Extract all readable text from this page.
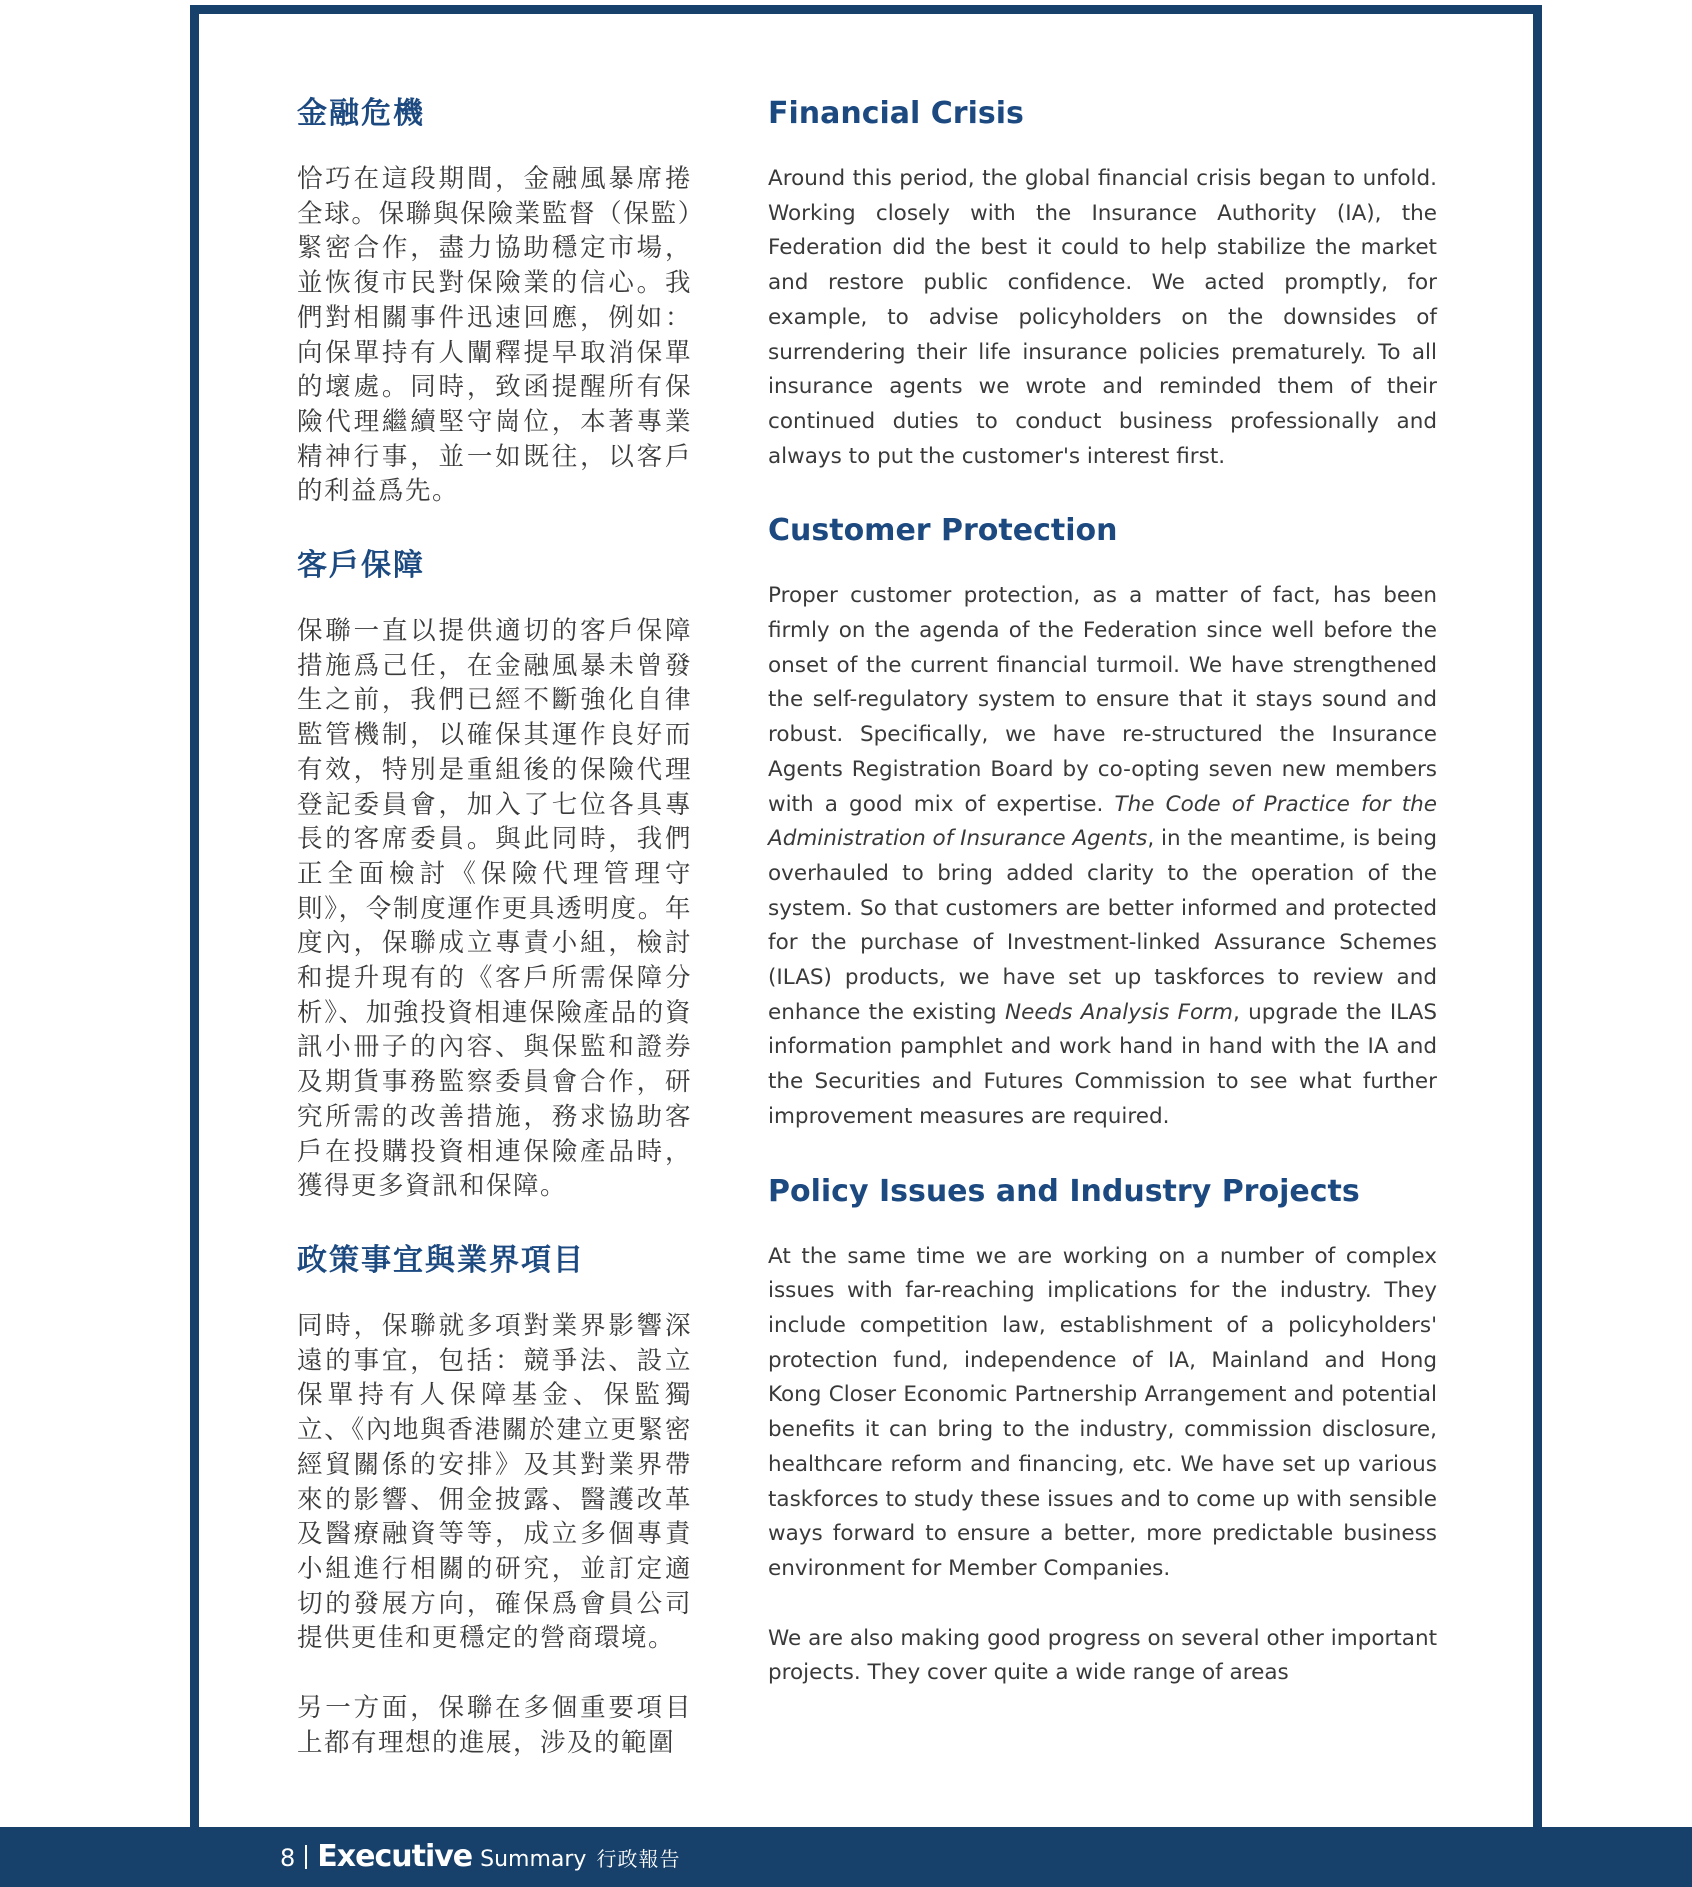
金融危機

恰巧在這段期間，金融風暴席捲全球。保聯與保險業監督（保監）緊密合作，盡力協助穩定市場，並恢復市民對保險業的信心。我們對相關事件迅速回應，例如：向保單持有人闡釋提早取消保單的壞處。同時，致函提醒所有保險代理繼續堅守崗位，本著專業精神行事，並一如既往，以客戶的利益爲先。

客戶保障

保聯一直以提供適切的客戶保障措施爲己任，在金融風暴未曾發生之前，我們已經不斷強化自律監管機制，以確保其運作良好而有效，特別是重組後的保險代理登記委員會，加入了七位各具專長的客席委員。與此同時，我們正全面檢討《保險代理管理守則》，令制度運作更具透明度。年度內，保聯成立專責小組，檢討和提升現有的《客戶所需保障分析》、加強投資相連保險產品的資訊小冊子的內容、與保監和證券及期貨事務監察委員會合作，研究所需的改善措施，務求協助客戶在投購投資相連保險產品時，獲得更多資訊和保障。

政策事宜與業界項目

同時，保聯就多項對業界影響深遠的事宜，包括：競爭法、設立保單持有人保障基金、保監獨立、《內地與香港關於建立更緊密經貿關係的安排》及其對業界帶來的影響、佣金披露、醫護改革及醫療融資等等，成立多個專責小組進行相關的研究，並訂定適切的發展方向，確保爲會員公司提供更佳和更穩定的營商環境。

另一方面，保聯在多個重要項目上都有理想的進展，涉及的範圍

Financial Crisis

Around this period, the global financial crisis began to unfold. Working closely with the Insurance Authority (IA), the Federation did the best it could to help stabilize the market and restore public confidence. We acted promptly, for example, to advise policyholders on the downsides of surrendering their life insurance policies prematurely. To all insurance agents we wrote and reminded them of their continued duties to conduct business professionally and always to put the customer's interest first.

Customer Protection

Proper customer protection, as a matter of fact, has been firmly on the agenda of the Federation since well before the onset of the current financial turmoil. We have strengthened the self-regulatory system to ensure that it stays sound and robust. Specifically, we have re-structured the Insurance Agents Registration Board by co-opting seven new members with a good mix of expertise. The Code of Practice for the Administration of Insurance Agents, in the meantime, is being overhauled to bring added clarity to the operation of the system. So that customers are better informed and protected for the purchase of Investment-linked Assurance Schemes (ILAS) products, we have set up taskforces to review and enhance the existing Needs Analysis Form, upgrade the ILAS information pamphlet and work hand in hand with the IA and the Securities and Futures Commission to see what further improvement measures are required.

Policy Issues and Industry Projects

At the same time we are working on a number of complex issues with far-reaching implications for the industry. They include competition law, establishment of a policyholders' protection fund, independence of IA, Mainland and Hong Kong Closer Economic Partnership Arrangement and potential benefits it can bring to the industry, commission disclosure, healthcare reform and financing, etc. We have set up various taskforces to study these issues and to come up with sensible ways forward to ensure a better, more predictable business environment for Member Companies.

We are also making good progress on several other important projects. They cover quite a wide range of areas

8 Executive Summary 行政報告
